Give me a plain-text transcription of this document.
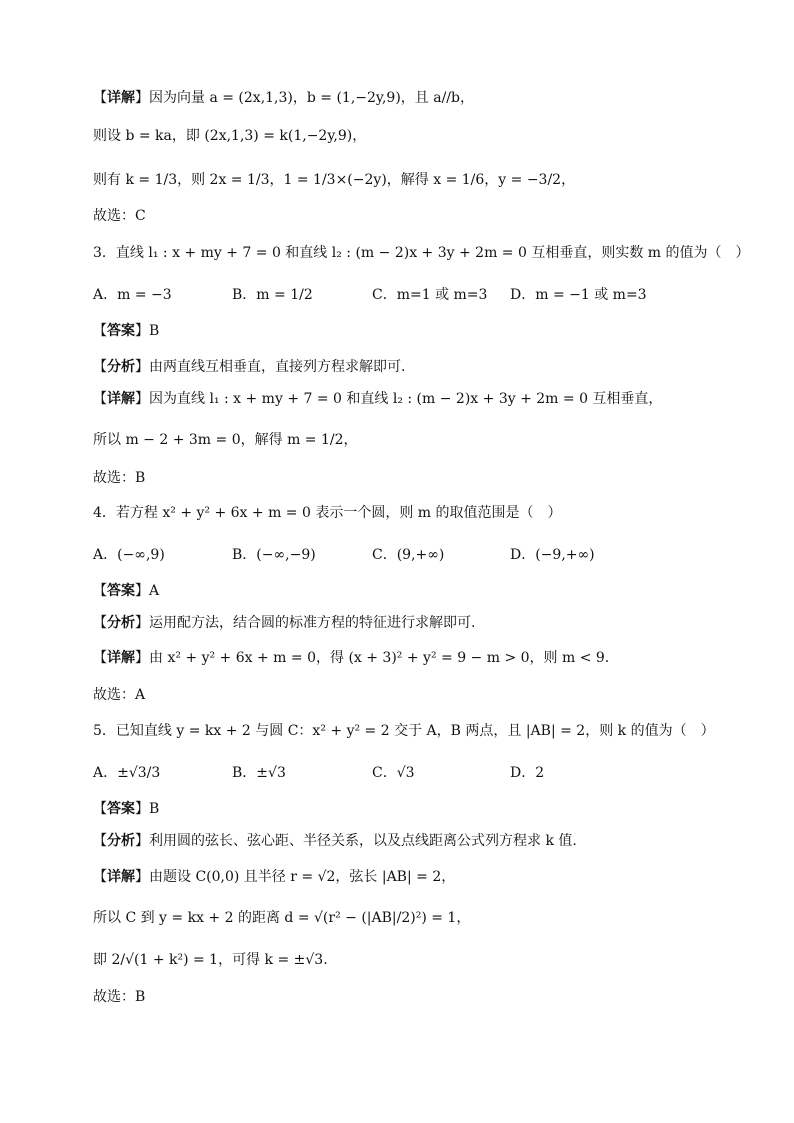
【详解】因为向量 a = (2x,1,3)，b = (1,−2y,9)，且 a//b，
则设 b = ka，即 (2x,1,3) = k(1,−2y,9)，
则有 k = 1/3，则 2x = 1/3，1 = 1/3×(−2y)，解得 x = 1/6，y = −3/2，
故选：C
3．直线 l₁ : x + my + 7 = 0 和直线 l₂ : (m − 2)x + 3y + 2m = 0 互相垂直，则实数 m 的值为（　）
A．m = −3	B．m = 1/2	C．m=1 或 m=3 D．m = −1 或 m=3
【答案】B
【分析】由两直线互相垂直，直接列方程求解即可.
【详解】因为直线 l₁ : x + my + 7 = 0 和直线 l₂ : (m − 2)x + 3y + 2m = 0 互相垂直，
所以 m − 2 + 3m = 0，解得 m = 1/2，
故选：B
4．若方程 x² + y² + 6x + m = 0 表示一个圆，则 m 的取值范围是（　）
A．(−∞,9)	B．(−∞,−9)	C．(9,+∞)	D．(−9,+∞)
【答案】A
【分析】运用配方法，结合圆的标准方程的特征进行求解即可.
【详解】由 x² + y² + 6x + m = 0，得 (x + 3)² + y² = 9 − m > 0，则 m < 9.
故选：A
5．已知直线 y = kx + 2 与圆 C：x² + y² = 2 交于 A，B 两点，且 |AB| = 2，则 k 的值为（　）
A．±√3/3	B．±√3	C．√3	D．2
【答案】B
【分析】利用圆的弦长、弦心距、半径关系，以及点线距离公式列方程求 k 值.
【详解】由题设 C(0,0) 且半径 r = √2，弦长 |AB| = 2，
所以 C 到 y = kx + 2 的距离 d = √(r² − (|AB|/2)²) = 1，
即 2/√(1 + k²) = 1，可得 k = ±√3.
故选：B
